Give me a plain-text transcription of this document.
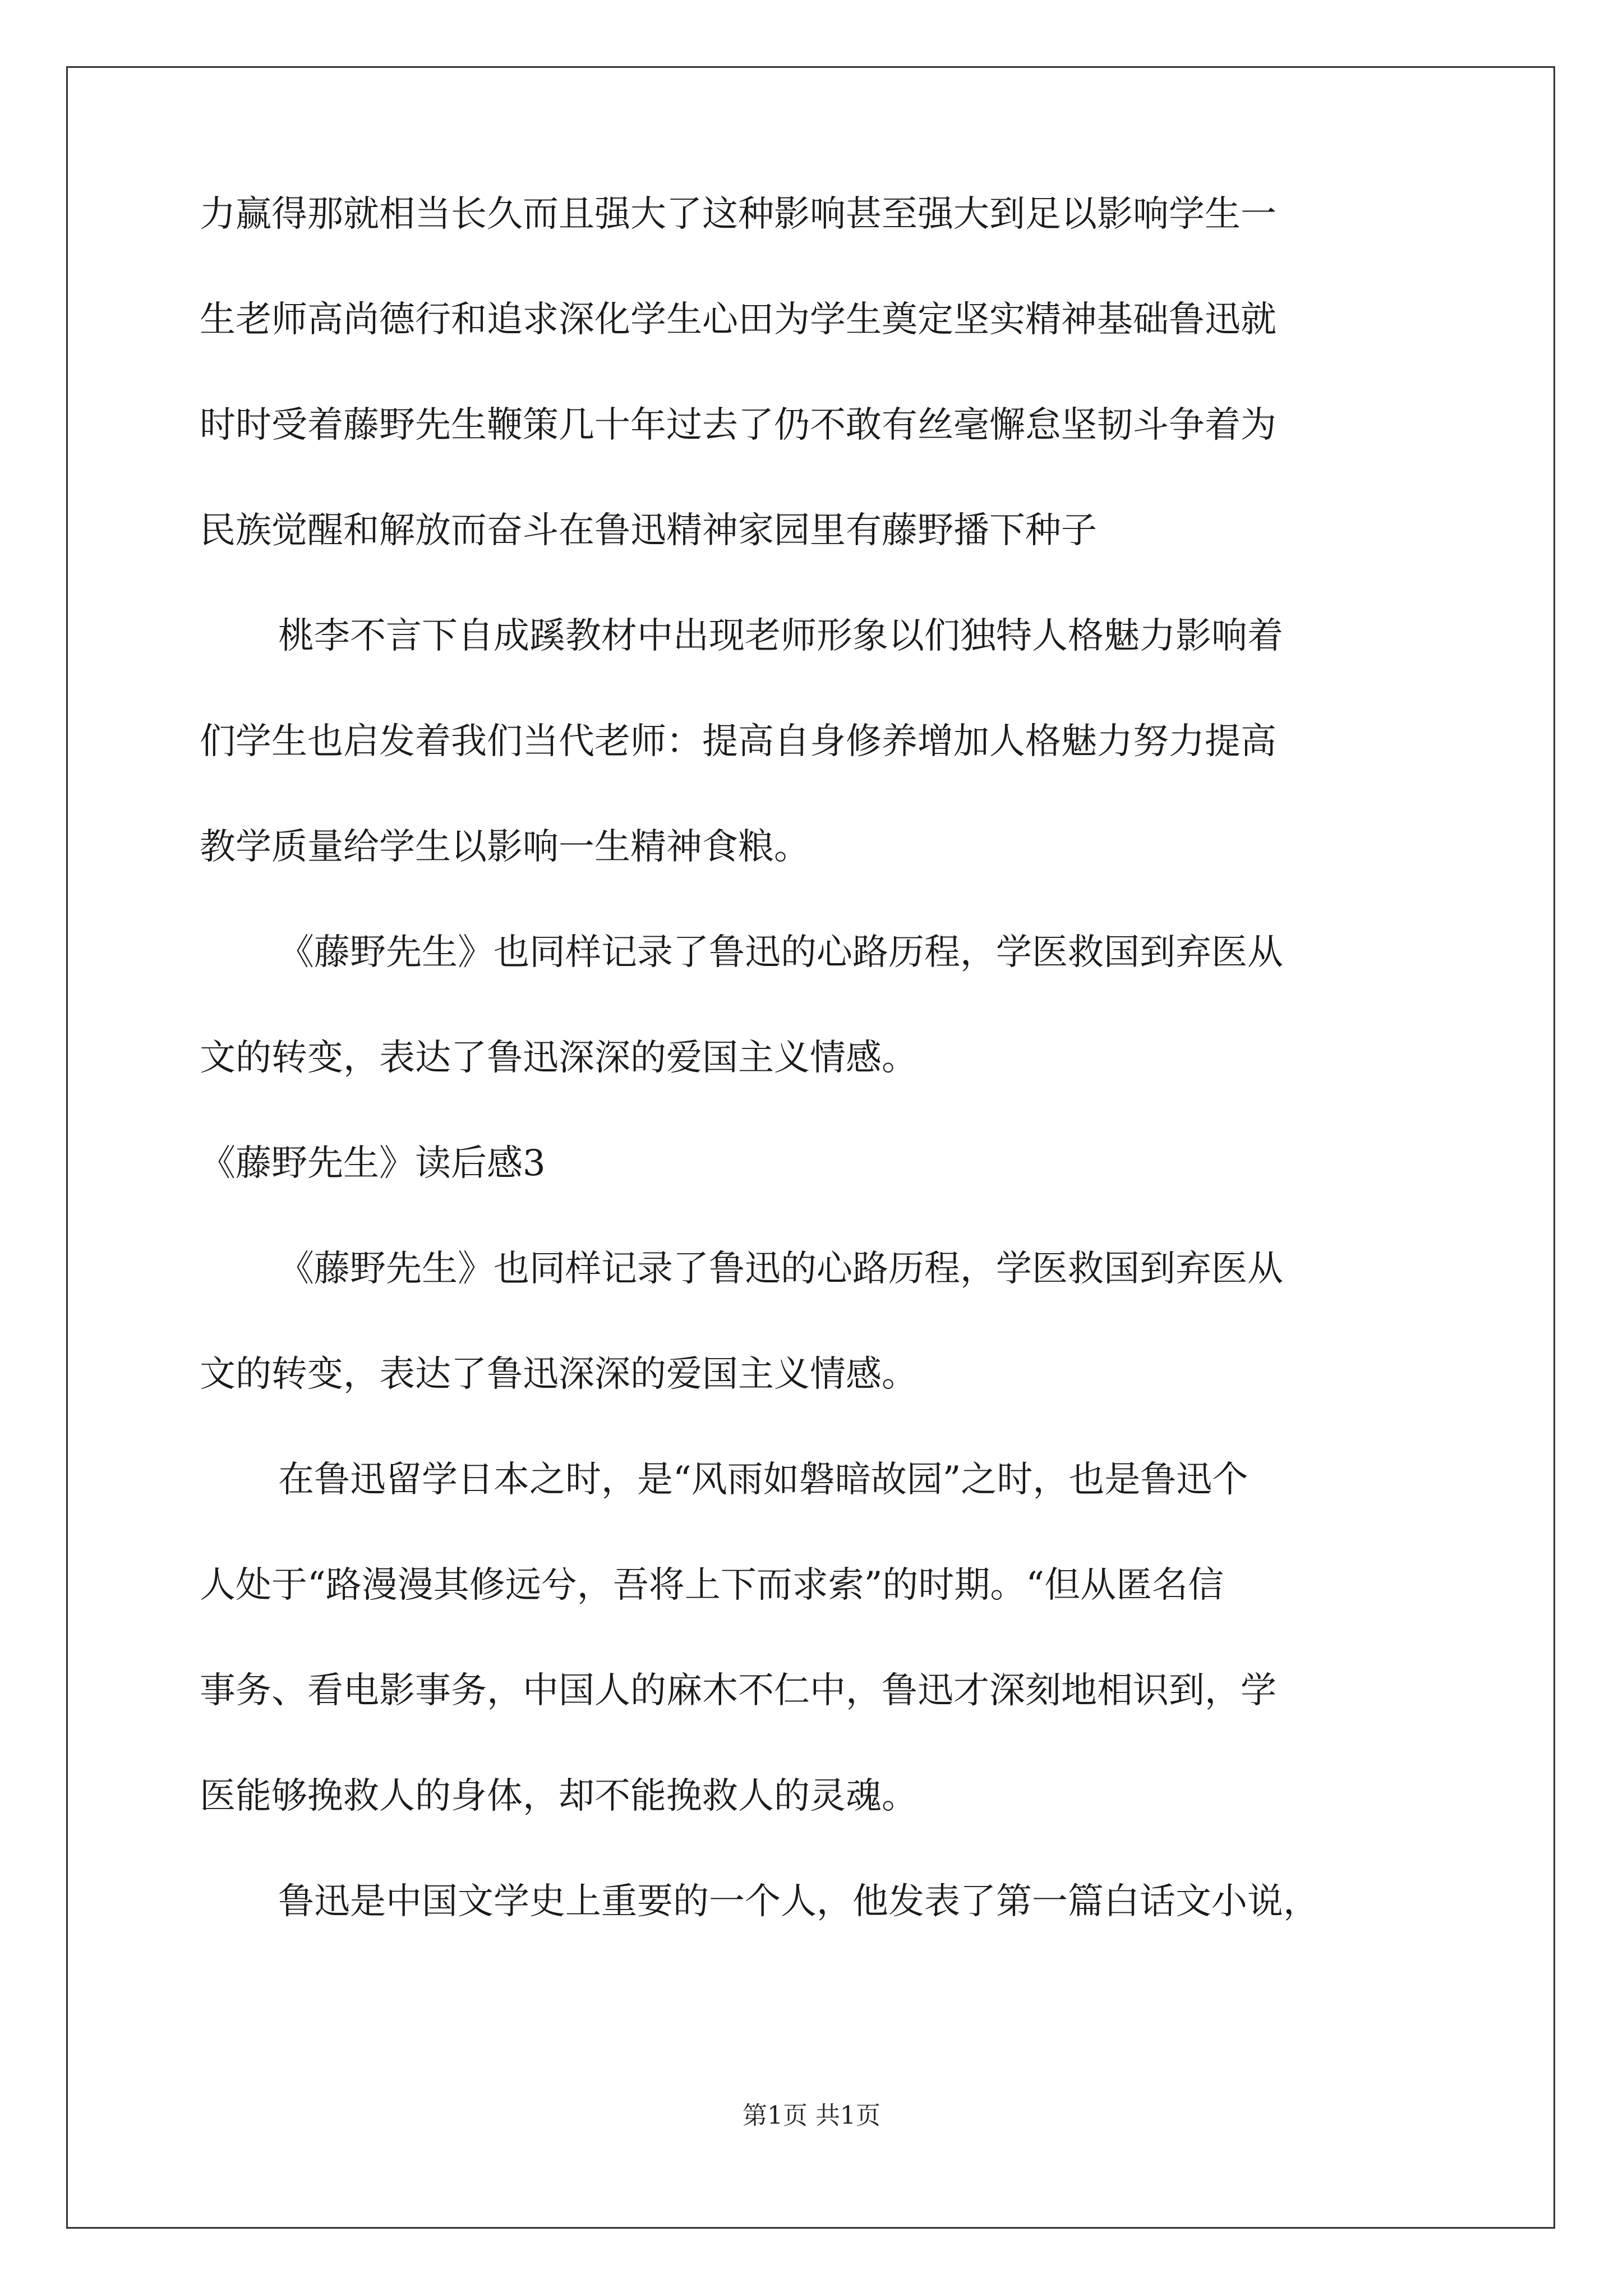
力赢得那就相当长久而且强大了这种影响甚至强大到足以影响学生一
生老师高尚德行和追求深化学生心田为学生奠定坚实精神基础鲁迅就
时时受着藤野先生鞭策几十年过去了仍不敢有丝毫懈怠坚韧斗争着为
民族觉醒和解放而奋斗在鲁迅精神家园里有藤野播下种子
桃李不言下自成蹊教材中出现老师形象以们独特人格魅力影响着
们学生也启发着我们当代老师：提高自身修养增加人格魅力努力提高
教学质量给学生以影响一生精神食粮。
《藤野先生》也同样记录了鲁迅的心路历程，学医救国到弃医从
文的转变，表达了鲁迅深深的爱国主义情感。
《藤野先生》读后感3
《藤野先生》也同样记录了鲁迅的心路历程，学医救国到弃医从
文的转变，表达了鲁迅深深的爱国主义情感。
在鲁迅留学日本之时，是“风雨如磐暗故园”之时，也是鲁迅个
人处于“路漫漫其修远兮，吾将上下而求索”的时期。“但从匿名信
事务、看电影事务，中国人的麻木不仁中，鲁迅才深刻地相识到，学
医能够挽救人的身体，却不能挽救人的灵魂。
鲁迅是中国文学史上重要的一个人，他发表了第一篇白话文小说，
第1页 共1页
